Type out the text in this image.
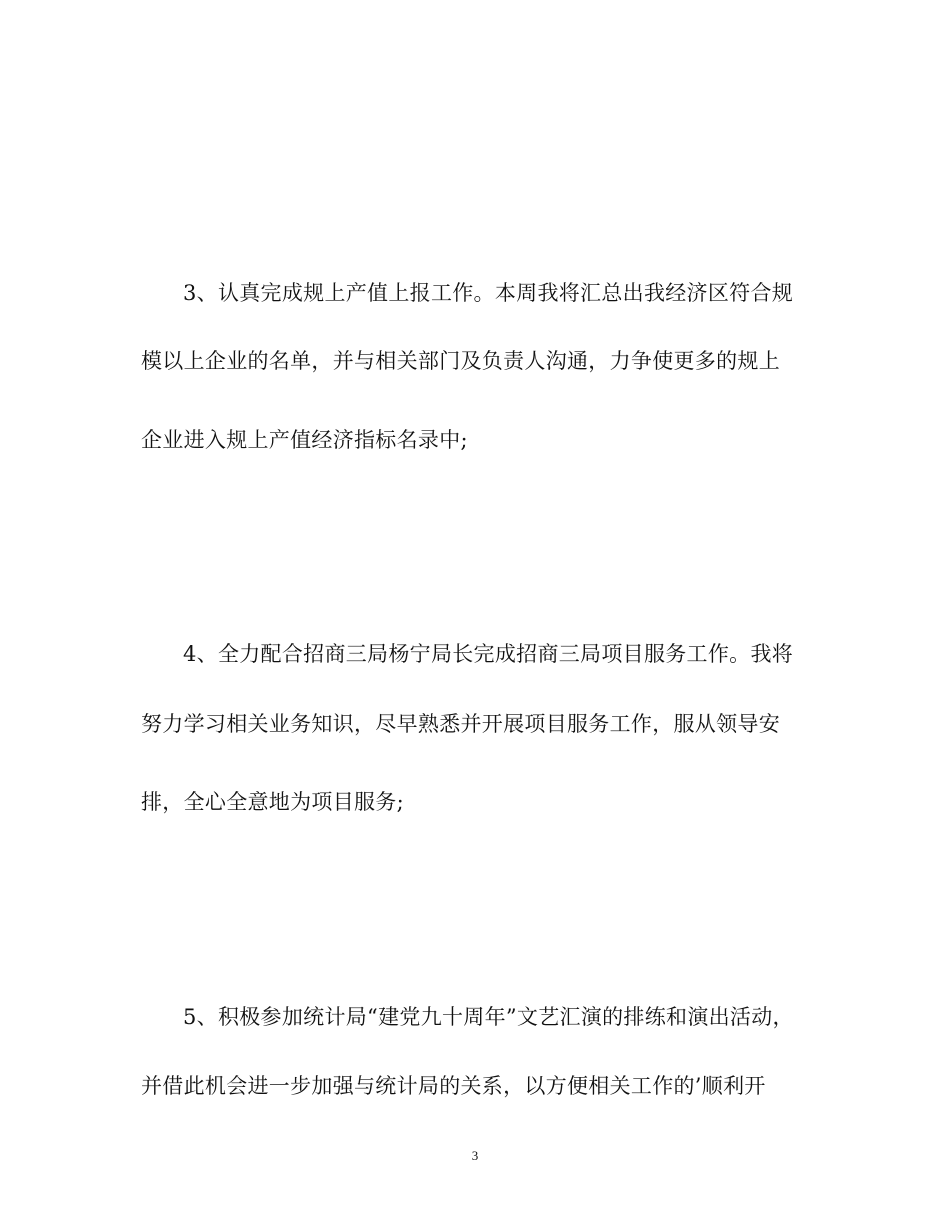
3、认真完成规上产值上报工作。本周我将汇总出我经济区符合规
模以上企业的名单，并与相关部门及负责人沟通，力争使更多的规上
企业进入规上产值经济指标名录中;
4、全力配合招商三局杨宁局长完成招商三局项目服务工作。我将
努力学习相关业务知识，尽早熟悉并开展项目服务工作，服从领导安
排，全心全意地为项目服务;
5、积极参加统计局“建党九十周年”文艺汇演的排练和演出活动，
并借此机会进一步加强与统计局的关系，以方便相关工作的’顺利开
3
